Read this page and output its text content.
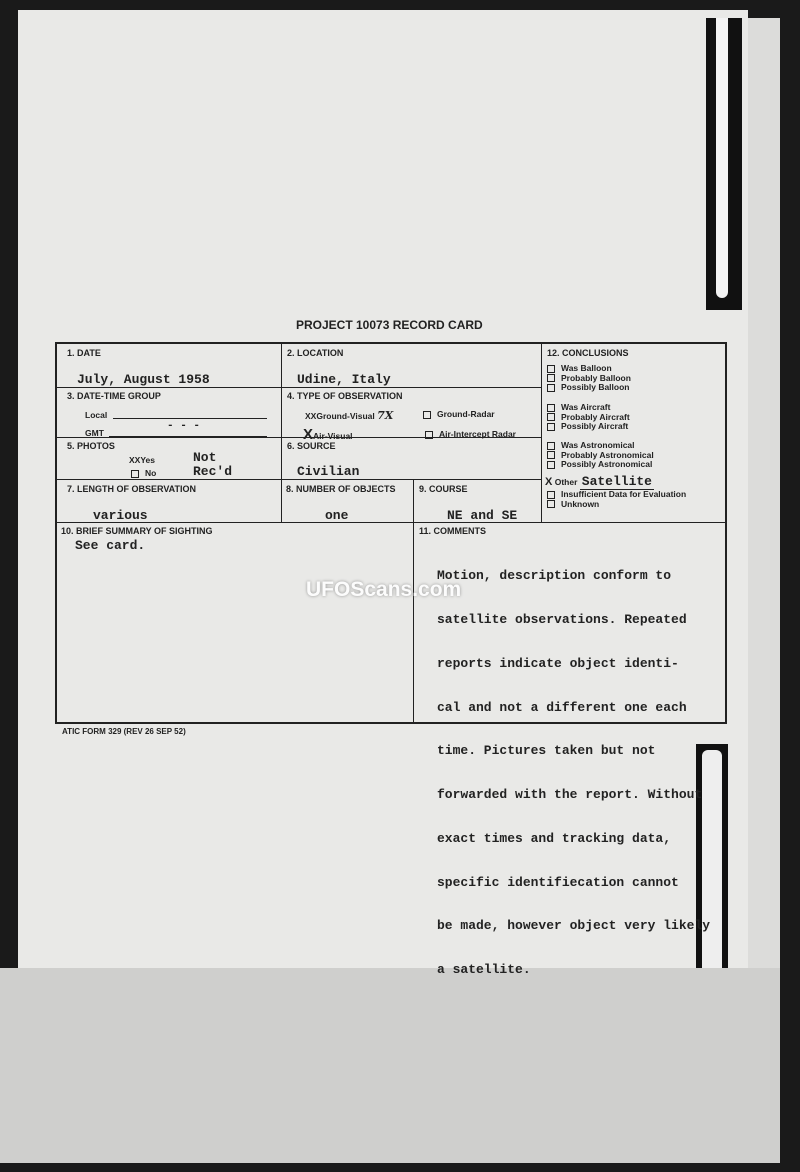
PROJECT 10073 RECORD CARD
1. DATE
July, August 1958
2. LOCATION
Udine, Italy
3. DATE-TIME GROUP
Local
GMT
- - -
4. TYPE OF OBSERVATION
XXGround-Visual 7X	Ground-Radar
XAir-Visual	Air-Intercept Radar
5. PHOTOS
XXYes
No
Not
Rec'd
6. SOURCE
Civilian
7. LENGTH OF OBSERVATION
various
8. NUMBER OF OBJECTS
one
9. COURSE
NE and SE
10. BRIEF SUMMARY OF SIGHTING
See card.
11. COMMENTS

Motion, description conform to

satellite observations. Repeated

reports indicate object identi-

cal and not a different one each

time. Pictures taken but not

forwarded with the report. Without

exact times and tracking data,

specific identifiecation cannot

be made, however object very likely

a satellite.

12. CONCLUSIONS
Was Balloon
Probably Balloon
Possibly Balloon
Was Aircraft
Probably Aircraft
Possibly Aircraft
Was Astronomical
Probably Astronomical
Possibly Astronomical
X Other Satellite
Insufficient Data for Evaluation
Unknown
UFOScans.com
ATIC FORM 329 (REV 26 SEP 52)
